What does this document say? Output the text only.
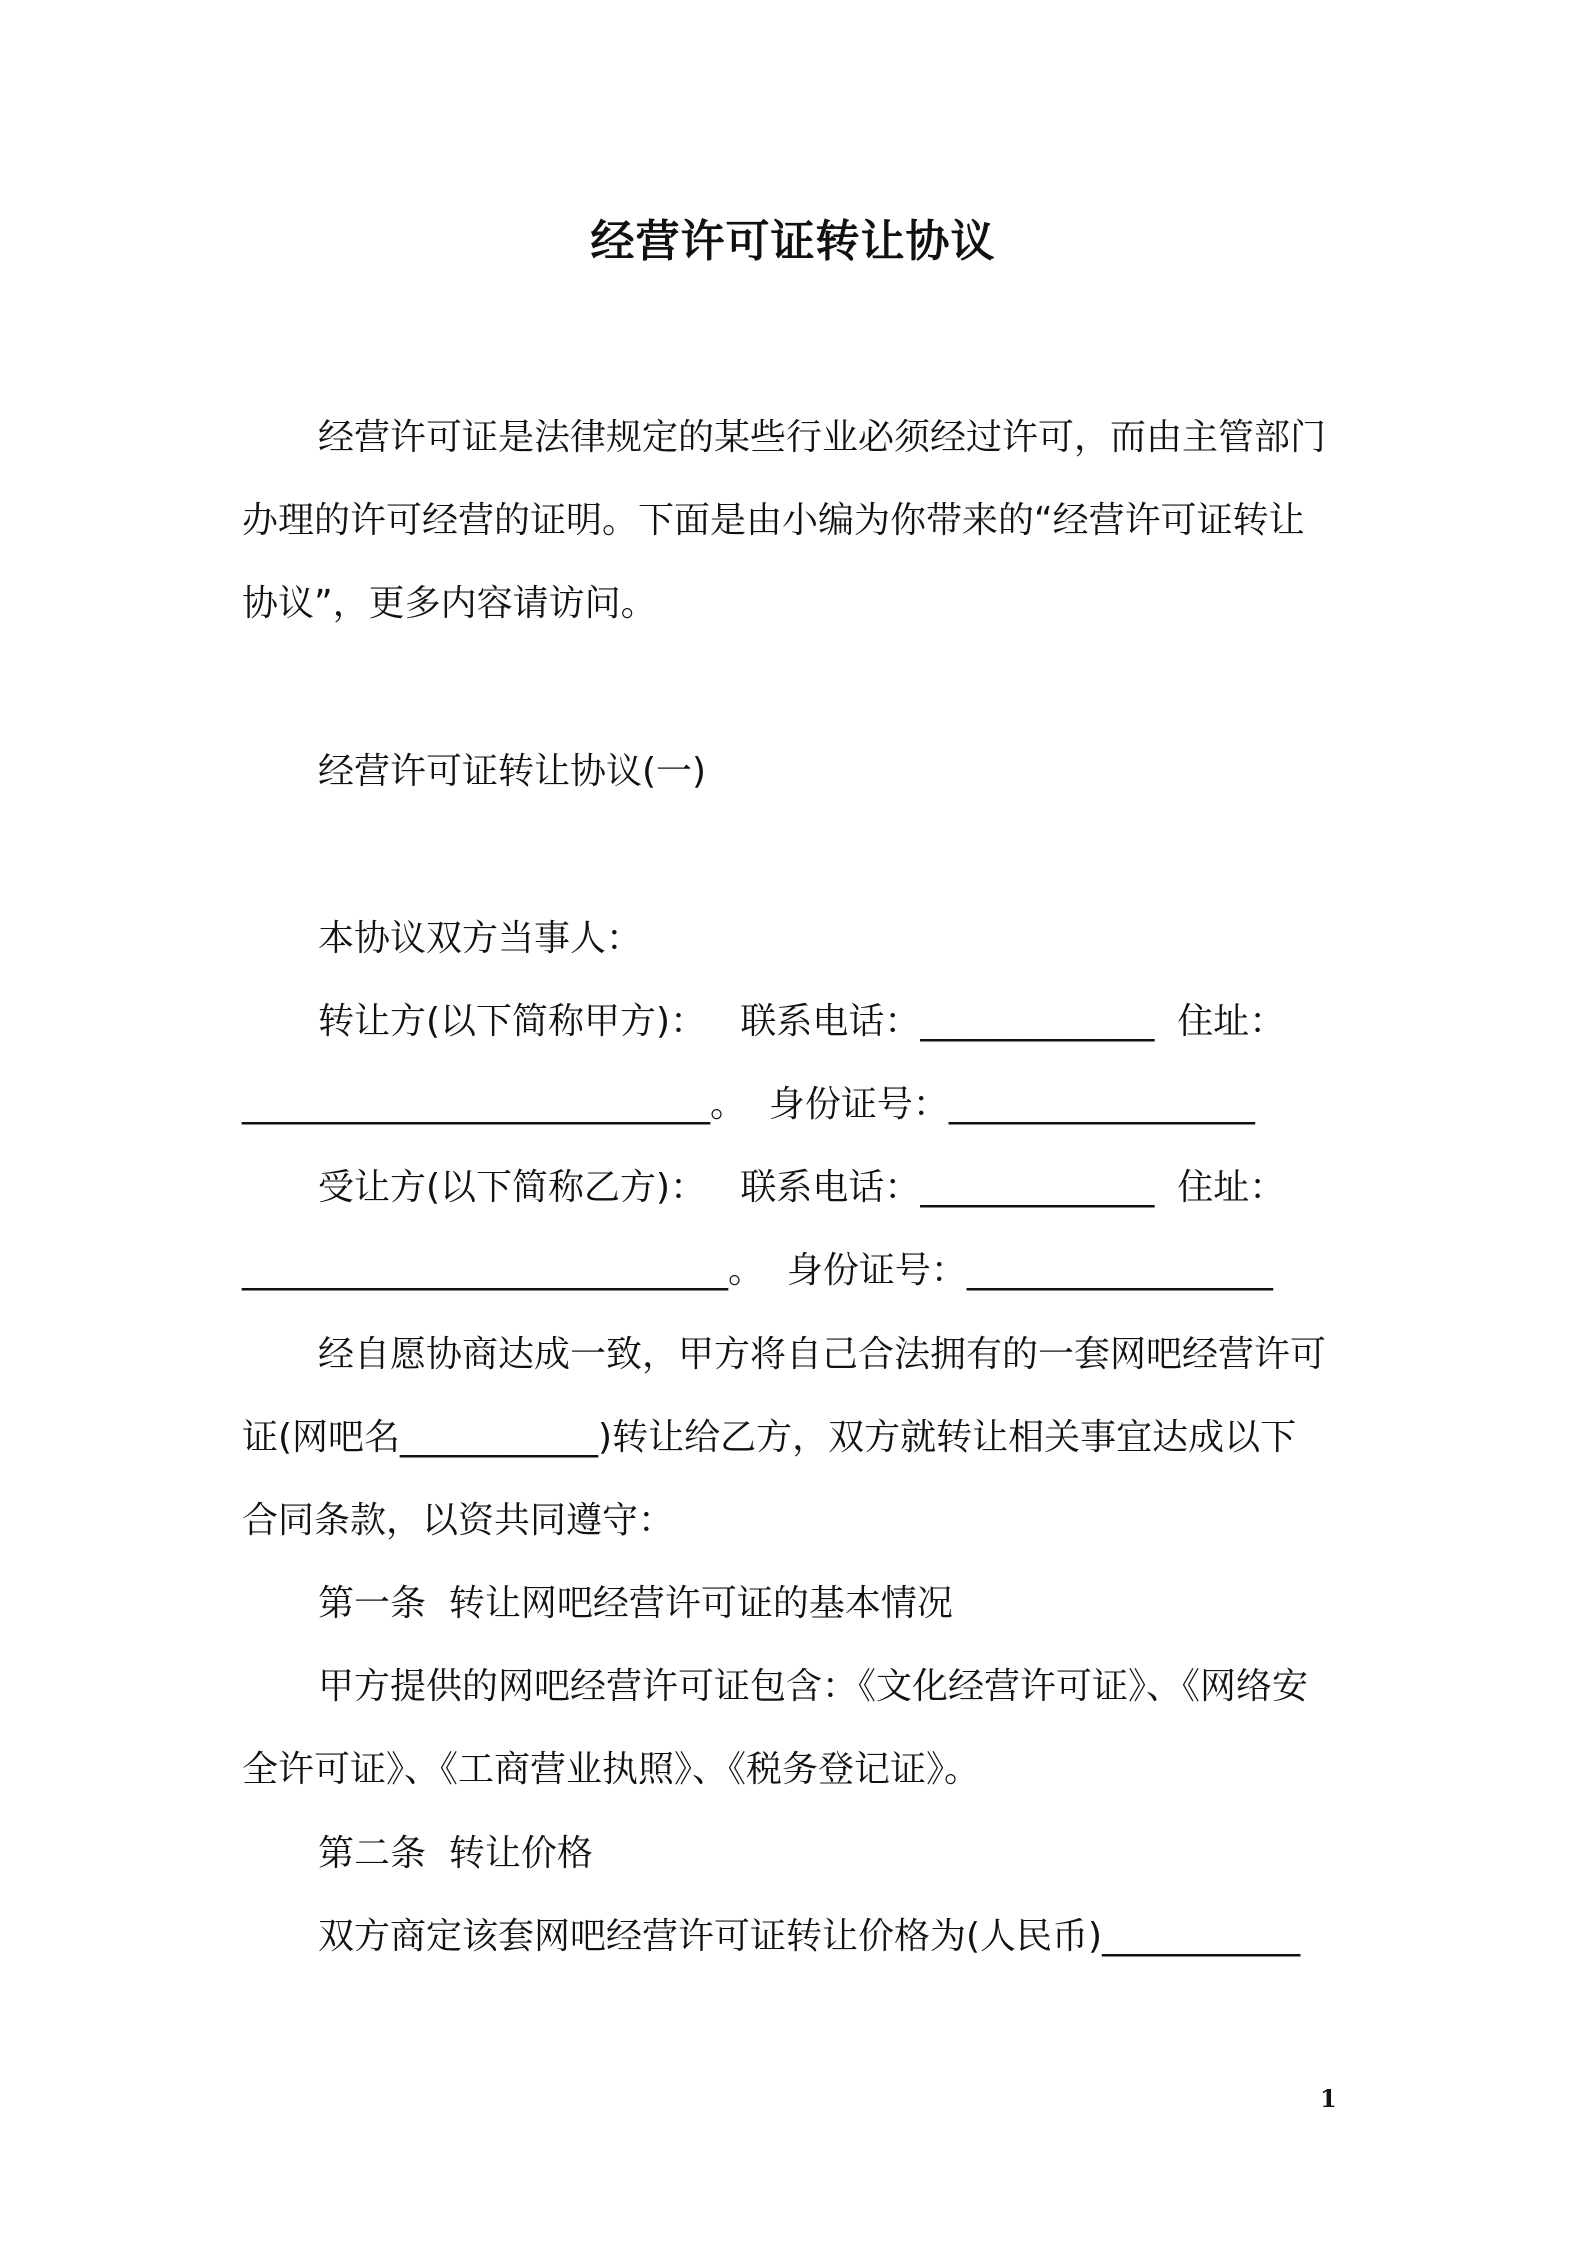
经营许可证转让协议
经营许可证是法律规定的某些行业必须经过许可，而由主管部门
办理的许可经营的证明。下面是由小编为你带来的“经营许可证转让
协议”，更多内容请访问。
经营许可证转让协议(一)
本协议双方当事人：
转让方(以下简称甲方)：   联系电话：_____________  住址：
__________________________。  身份证号：_________________
受让方(以下简称乙方)：   联系电话：_____________  住址：
___________________________。  身份证号：_________________
经自愿协商达成一致，甲方将自己合法拥有的一套网吧经营许可
证(网吧名___________)转让给乙方，双方就转让相关事宜达成以下
合同条款，以资共同遵守：
第一条  转让网吧经营许可证的基本情况
甲方提供的网吧经营许可证包含：《文化经营许可证》、《网络安
全许可证》、《工商营业执照》、《税务登记证》。
第二条  转让价格
双方商定该套网吧经营许可证转让价格为(人民币)___________
1
